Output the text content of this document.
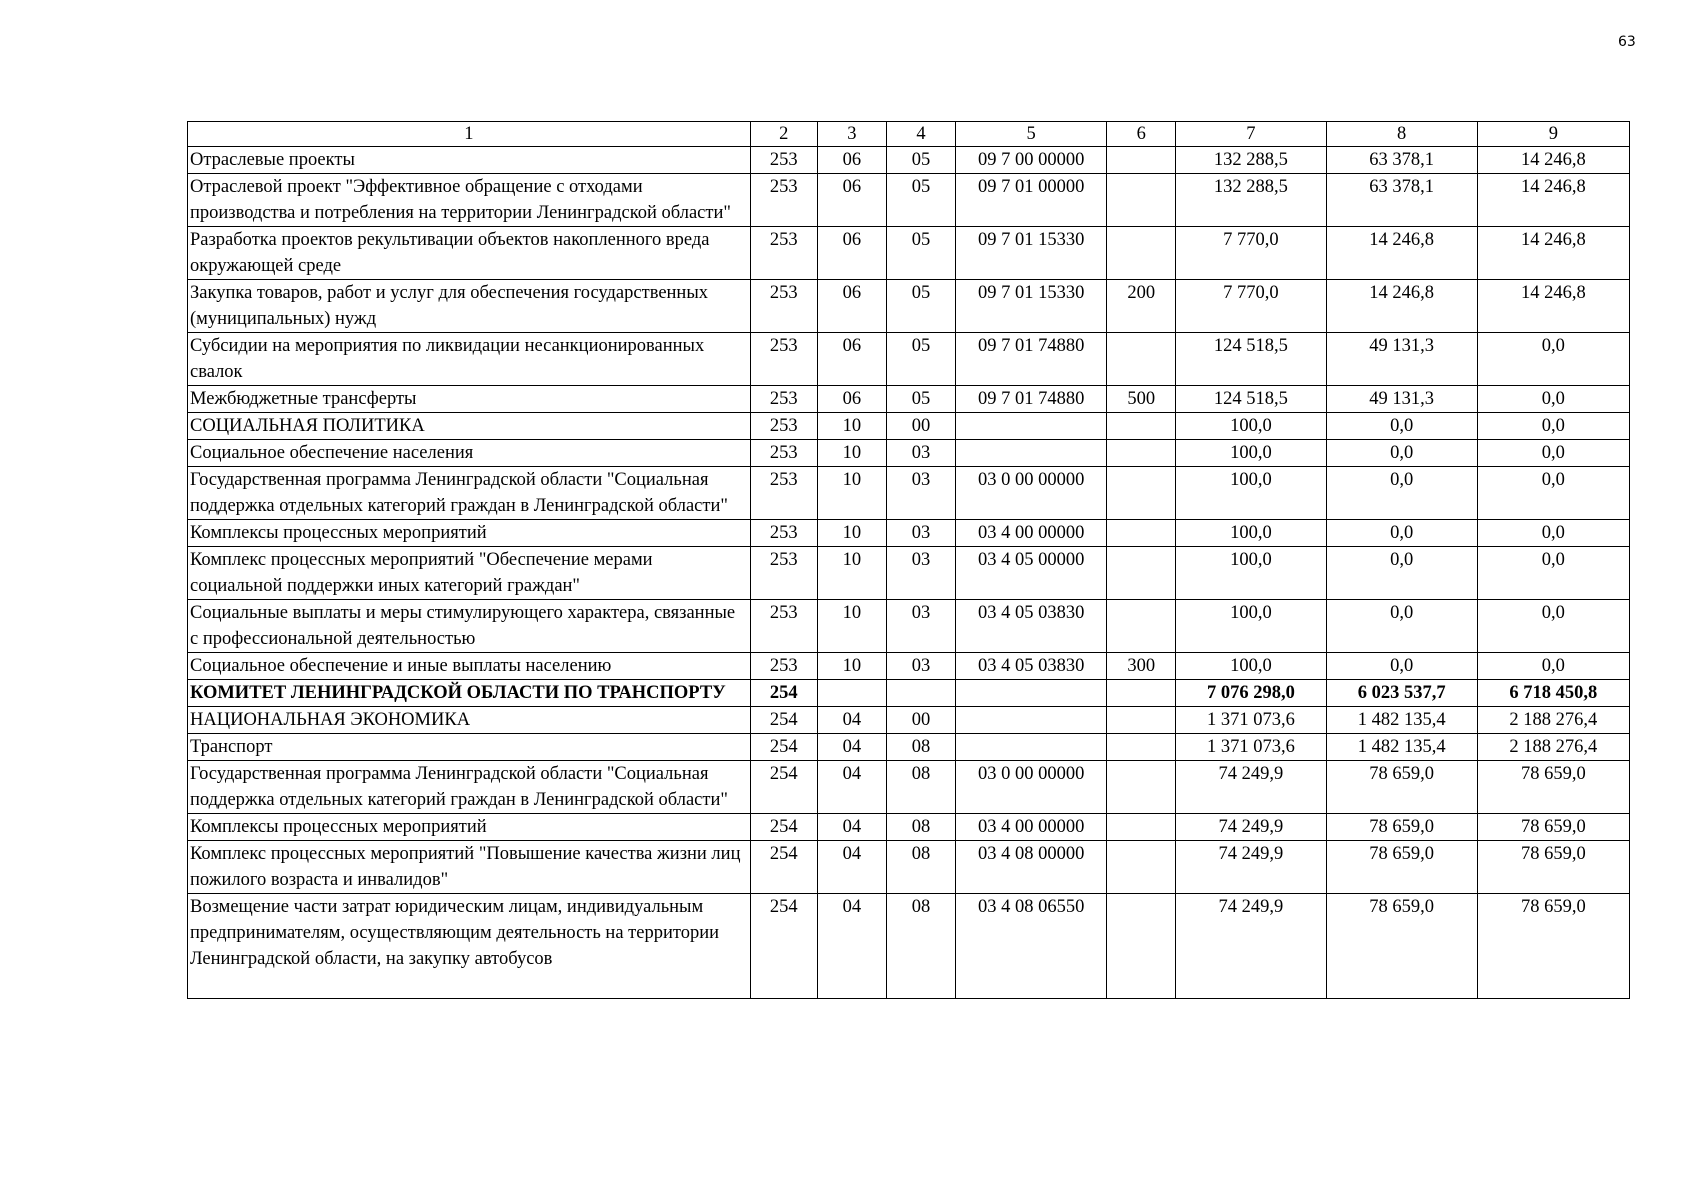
63
1	2	3	4	5	6	7	8	9
Отраслевые проекты	253	06	05	09 7 00 00000		132 288,5	63 378,1	14 246,8
Отраслевой проект "Эффективное обращение с отходами производства и потребления на территории Ленинградской области"	253	06	05	09 7 01 00000		132 288,5	63 378,1	14 246,8
Разработка проектов рекультивации объектов накопленного вреда окружающей среде	253	06	05	09 7 01 15330		7 770,0	14 246,8	14 246,8
Закупка товаров, работ и услуг для обеспечения государственных (муниципальных) нужд	253	06	05	09 7 01 15330	200	7 770,0	14 246,8	14 246,8
Субсидии на мероприятия по ликвидации несанкционированных свалок	253	06	05	09 7 01 74880		124 518,5	49 131,3	0,0
Межбюджетные трансферты	253	06	05	09 7 01 74880	500	124 518,5	49 131,3	0,0
СОЦИАЛЬНАЯ ПОЛИТИКА	253	10	00			100,0	0,0	0,0
Социальное обеспечение населения	253	10	03			100,0	0,0	0,0
Государственная программа Ленинградской области "Социальная поддержка отдельных категорий граждан в Ленинградской области"	253	10	03	03 0 00 00000		100,0	0,0	0,0
Комплексы процессных мероприятий	253	10	03	03 4 00 00000		100,0	0,0	0,0
Комплекс процессных мероприятий "Обеспечение мерами социальной поддержки иных категорий граждан"	253	10	03	03 4 05 00000		100,0	0,0	0,0
Социальные выплаты и меры стимулирующего характера, связанные с профессиональной деятельностью	253	10	03	03 4 05 03830		100,0	0,0	0,0
Социальное обеспечение и иные выплаты населению	253	10	03	03 4 05 03830	300	100,0	0,0	0,0
КОМИТЕТ ЛЕНИНГРАДСКОЙ ОБЛАСТИ ПО ТРАНСПОРТУ	254					7 076 298,0	6 023 537,7	6 718 450,8
НАЦИОНАЛЬНАЯ ЭКОНОМИКА	254	04	00			1 371 073,6	1 482 135,4	2 188 276,4
Транспорт	254	04	08			1 371 073,6	1 482 135,4	2 188 276,4
Государственная программа Ленинградской области "Социальная поддержка отдельных категорий граждан в Ленинградской области"	254	04	08	03 0 00 00000		74 249,9	78 659,0	78 659,0
Комплексы процессных мероприятий	254	04	08	03 4 00 00000		74 249,9	78 659,0	78 659,0
Комплекс процессных мероприятий "Повышение качества жизни лиц пожилого возраста и инвалидов"	254	04	08	03 4 08 00000		74 249,9	78 659,0	78 659,0
Возмещение части затрат юридическим лицам, индивидуальным предпринимателям, осуществляющим деятельность на территории Ленинградской области, на закупку автобусов	254	04	08	03 4 08 06550		74 249,9	78 659,0	78 659,0
